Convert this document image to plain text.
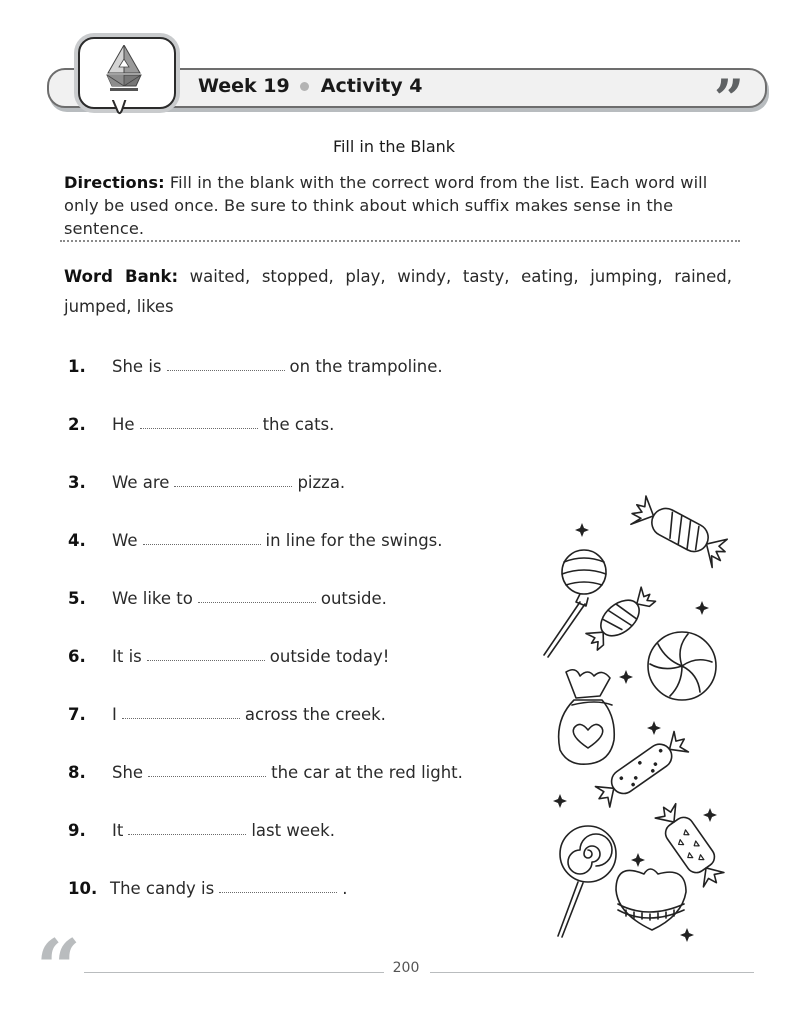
Week 19 Activity 4	”
Fill in the Blank
Directions: Fill in the blank with the correct word from the list. Each word will only be used once. Be sure to think about which suffix makes sense in the sentence.
Word Bank: waited, stopped, play, windy, tasty, eating, jumping, rained, jumped, likes
1.	She is	on the trampoline.
2.	He	the cats.
3.	We are	pizza.
4.	We	in line for the swings.
5.	We like to	outside.
6.	It is	outside today!
7.	I	across the creek.
8.	She	the car at the red light.
9.	It	last week.
10. The candy is	.
“	200
